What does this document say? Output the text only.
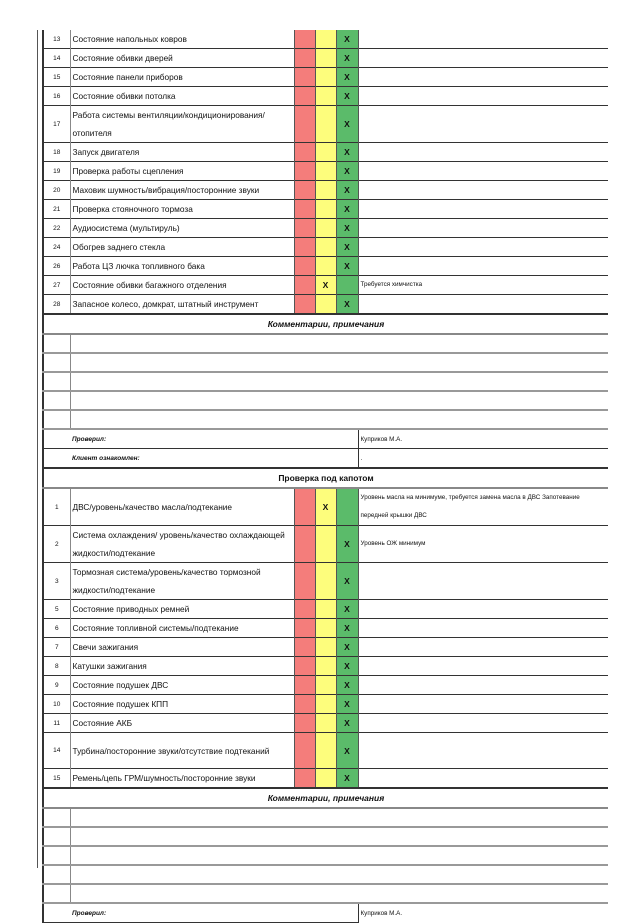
13	Состояние напольных ковров			X	
14	Состояние обивки дверей			X	
15	Состояние панели приборов			X	
16	Состояние обивки потолка			X	
17	Работа системы вентиляции/кондиционирования/ отопителя			X	
18	Запуск двигателя			X	
19	Проверка работы сцепления			X	
20	Маховик шумность/вибрация/посторонние звуки			X	
21	Проверка стояночного тормоза			X	
22	Аудиосистема (мультируль)			X	
24	Обогрев заднего стекла			X	
26	Работа ЦЗ лючка топливного бака			X	
27	Состояние обивки багажного отделения		X		Требуется химчистка
28	Запасное колесо, домкрат, штатный инструмент			X	
Комментарии, примечания					

	Проверил:				Куприков М.А.
	Клиент ознакомлен:				.
Проверка под капотом					
1	ДВС/уровень/качество масла/подтекание		X		Уровень масла на минимуме, требуется замена масла в ДВС Запотевание передней крышки ДВС
2	Система охлаждения/ уровень/качество охлаждающей жидкости/подтекание			X	Уровень ОЖ минимум
3	Тормозная система/уровень/качество тормозной жидкости/подтекание			X	
5	Состояние приводных ремней			X	
6	Состояние топливной системы/подтекание			X	
7	Свечи зажигания			X	
8	Катушки зажигания			X	
9	Состояние подушек ДВС			X	
10	Состояние подушек КПП			X	
11	Состояние АКБ			X	
14	Турбина/посторонние звуки/отсутствие подтеканий			X	
15	Ремень/цепь ГРМ/шумность/посторонние звуки			X	
Комментарии, примечания					

	Проверил:				Куприков М.А.
